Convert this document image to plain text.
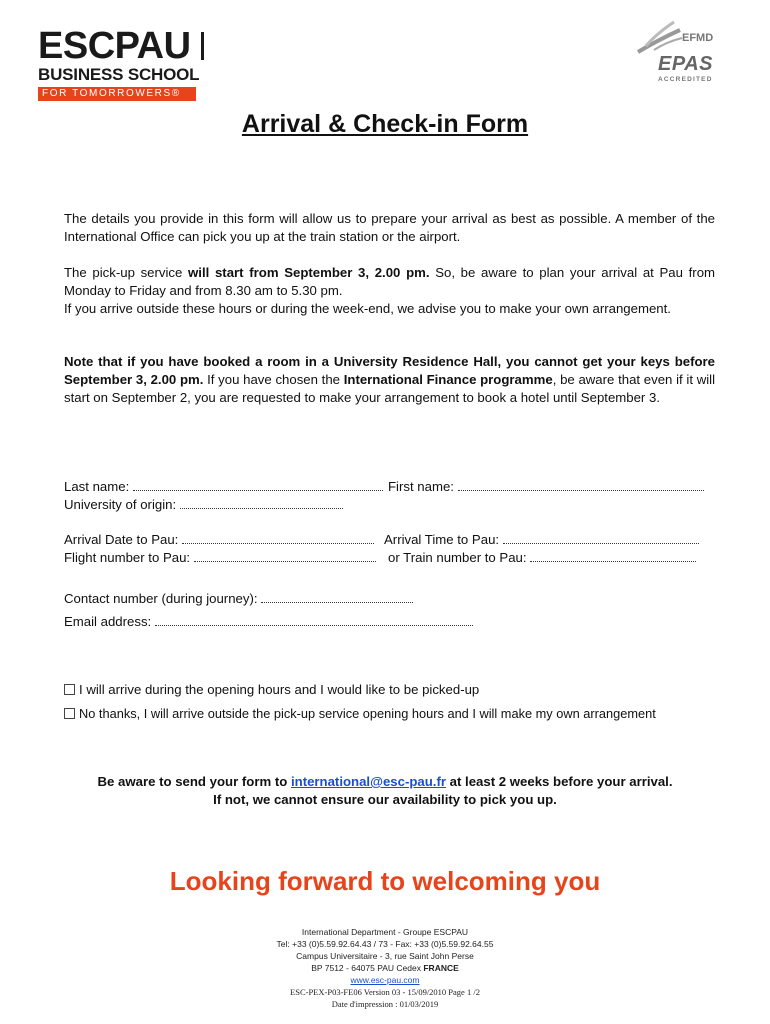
ESCPAU
BUSINESS SCHOOL
FOR TOMORROWERS®
EFMD
EPAS
ACCREDITED
Arrival & Check-in Form

The details you provide in this form will allow us to prepare your arrival as best as possible. A member of the International Office can pick you up at the train station or the airport.

The pick-up service will start from September 3, 2.00 pm. So, be aware to plan your arrival at Pau from Monday to Friday and from 8.30 am to 5.30 pm.

If you arrive outside these hours or during the week-end, we advise you to make your own arrangement.

Note that if you have booked a room in a University Residence Hall, you cannot get your keys before September 3, 2.00 pm. If you have chosen the International Finance programme, be aware that even if it will start on September 2, you are requested to make your arrangement to book a hotel until September 3.

Last name:	First name:
University of origin:
Arrival Date to Pau:	Arrival Time to Pau:
Flight number to Pau:	or Train number to Pau:
Contact number (during journey):
Email address:
I will arrive during the opening hours and I would like to be picked-up
No thanks, I will arrive outside the pick-up service opening hours and I will make my own arrangement
Be aware to send your form to international@esc-pau.fr at least 2 weeks before your arrival.
If not, we cannot ensure our availability to pick you up.
Looking forward to welcoming you
International Department - Groupe ESCPAU
Tel: +33 (0)5.59.92.64.43 / 73 - Fax: +33 (0)5.59.92.64.55
Campus Universitaire - 3, rue Saint John Perse
BP 7512 - 64075 PAU Cedex FRANCE
www.esc-pau.com
ESC-PEX-P03-FE06 Version 03 - 15/09/2010 Page 1 /2
Date d'impression : 01/03/2019
